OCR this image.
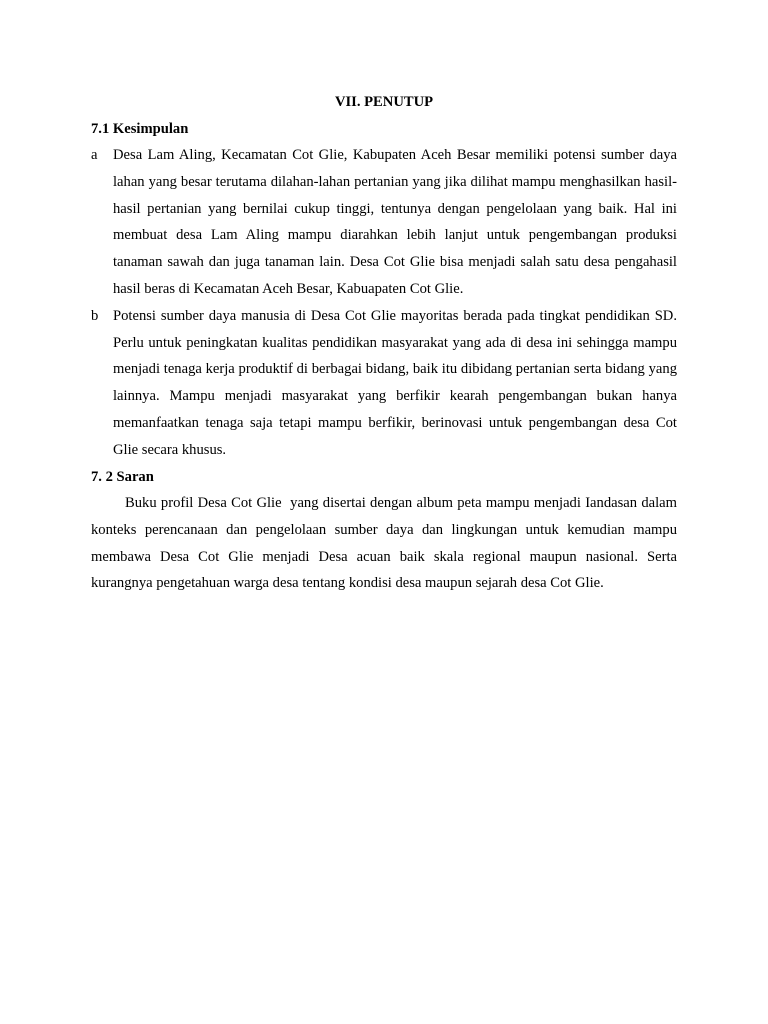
VII. PENUTUP

7.1 Kesimpulan

a	Desa Lam Aling, Kecamatan Cot Glie, Kabupaten Aceh Besar memiliki potensi sumber daya lahan yang besar terutama dilahan-lahan pertanian yang jika dilihat mampu menghasilkan hasil-hasil pertanian yang bernilai cukup tinggi, tentunya dengan pengelolaan yang baik. Hal ini membuat desa Lam Aling mampu diarahkan lebih lanjut untuk pengembangan produksi tanaman sawah dan juga tanaman lain. Desa Cot Glie bisa menjadi salah satu desa pengahasil hasil beras di Kecamatan Aceh Besar, Kabuapaten Cot Glie.
b	Potensi sumber daya manusia di Desa Cot Glie mayoritas berada pada tingkat pendidikan SD. Perlu untuk peningkatan kualitas pendidikan masyarakat yang ada di desa ini sehingga mampu menjadi tenaga kerja produktif di berbagai bidang, baik itu dibidang pertanian serta bidang yang lainnya. Mampu menjadi masyarakat yang berfikir kearah pengembangan bukan hanya memanfaatkan tenaga saja tetapi mampu berfikir, berinovasi untuk pengembangan desa Cot Glie secara khusus.

7. 2 Saran

Buku profil Desa Cot Glie  yang disertai dengan album peta mampu menjadi Iandasan dalam konteks perencanaan dan pengelolaan sumber daya dan lingkungan untuk kemudian mampu membawa Desa Cot Glie menjadi Desa acuan baik skala regional maupun nasional. Serta kurangnya pengetahuan warga desa tentang kondisi desa maupun sejarah desa Cot Glie.
